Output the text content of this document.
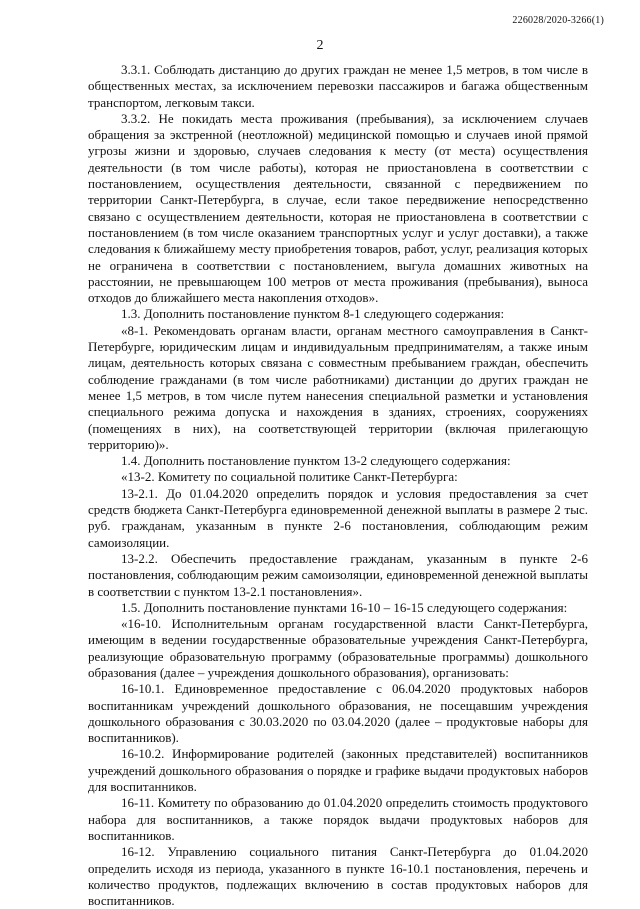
226028/2020-3266(1)
2

3.3.1. Соблюдать дистанцию до других граждан не менее 1,5 метров, в том числе в общественных местах, за исключением перевозки пассажиров и багажа общественным транспортом, легковым такси.

3.3.2. Не покидать места проживания (пребывания), за исключением случаев обращения за экстренной (неотложной) медицинской помощью и случаев иной прямой угрозы жизни и здоровью, случаев следования к месту (от места) осуществления деятельности (в том числе работы), которая не приостановлена в соответствии с постановлением, осуществления деятельности, связанной с передвижением по территории Санкт-Петербурга, в случае, если такое передвижение непосредственно связано с осуществлением деятельности, которая не приостановлена в соответствии с постановлением (в том числе оказанием транспортных услуг и услуг доставки), а также следования к ближайшему месту приобретения товаров, работ, услуг, реализация которых не ограничена в соответствии с постановлением, выгула домашних животных на расстоянии, не превышающем 100 метров от места проживания (пребывания), выноса отходов до ближайшего места накопления отходов».

1.3. Дополнить постановление пунктом 8-1 следующего содержания:

«8-1. Рекомендовать органам власти, органам местного самоуправления в Санкт-Петербурге, юридическим лицам и индивидуальным предпринимателям, а также иным лицам, деятельность которых связана с совместным пребыванием граждан, обеспечить соблюдение гражданами (в том числе работниками) дистанции до других граждан не менее 1,5 метров, в том числе путем нанесения специальной разметки и установления специального режима допуска и нахождения в зданиях, строениях, сооружениях (помещениях в них), на соответствующей территории (включая прилегающую территорию)».

1.4. Дополнить постановление пунктом 13-2 следующего содержания:

«13-2. Комитету по социальной политике Санкт-Петербурга:

13-2.1. До 01.04.2020 определить порядок и условия предоставления за счет средств бюджета Санкт-Петербурга единовременной денежной выплаты в размере 2 тыс. руб. гражданам, указанным в пункте 2-6 постановления, соблюдающим режим самоизоляции.

13-2.2. Обеспечить предоставление гражданам, указанным в пункте 2-6 постановления, соблюдающим режим самоизоляции, единовременной денежной выплаты в соответствии с пунктом 13-2.1 постановления».

1.5. Дополнить постановление пунктами 16-10 – 16-15 следующего содержания:

«16-10. Исполнительным органам государственной власти Санкт-Петербурга, имеющим в ведении государственные образовательные учреждения Санкт-Петербурга, реализующие образовательную программу (образовательные программы) дошкольного образования (далее – учреждения дошкольного образования), организовать:

16-10.1. Единовременное предоставление с 06.04.2020 продуктовых наборов воспитанникам учреждений дошкольного образования, не посещавшим учреждения дошкольного образования с 30.03.2020 по 03.04.2020 (далее – продуктовые наборы для воспитанников).

16-10.2. Информирование родителей (законных представителей) воспитанников учреждений дошкольного образования о порядке и графике выдачи продуктовых наборов для воспитанников.

16-11. Комитету по образованию до 01.04.2020 определить стоимость продуктового набора для воспитанников, а также порядок выдачи продуктовых наборов для воспитанников.

16-12. Управлению социального питания Санкт-Петербурга до 01.04.2020 определить исходя из периода, указанного в пункте 16-10.1 постановления, перечень и количество продуктов, подлежащих включению в состав продуктовых наборов для воспитанников.
